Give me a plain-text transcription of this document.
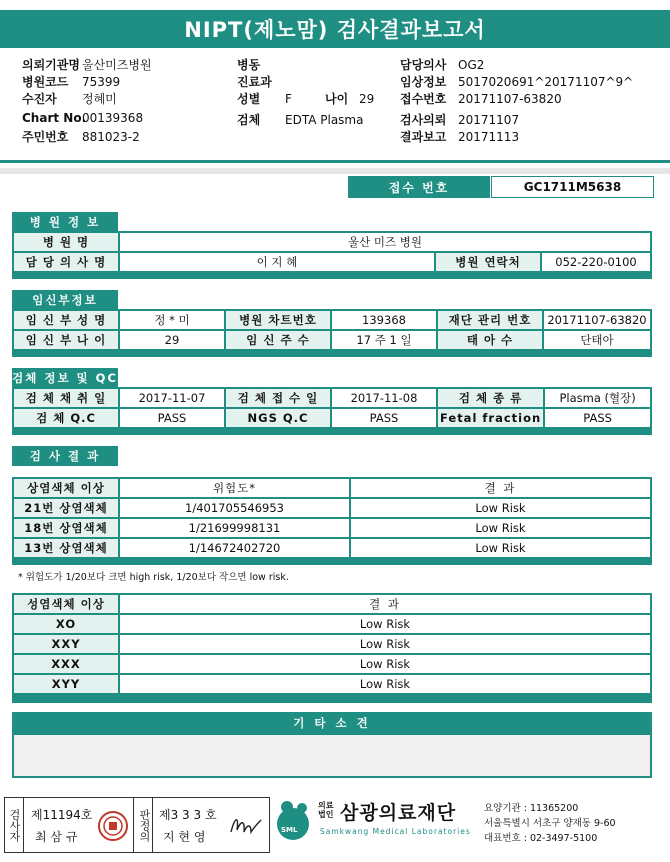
NIPT(제노맘) 검사결과보고서
의뢰기관명 울산미즈병원
병원코드 75399
수진자 정혜미
Chart No.00139368
주민번호 881023-2
병동
진료과
성별 F	나이 29
검체 EDTA Plasma
담당의사 OG2
임상정보 5017020691^20171107^9^
접수번호 20171107-63820
검사의뢰 20171107
결과보고 20171113
접수 번호	GC1711M5638
병 원 정 보
병 원 명	울산 미즈 병원		
담 당 의 사 명	이 지 혜	병원 연락처	052-220-0100
임신부정보
임 신 부 성 명	정 * 미	병원 차트번호	139368	재단 관리 번호	20171107-63820
임 신 부 나 이	29	임 신 주 수	17 주 1 일	태 아 수	단태아
검체 정보 및 QC
검 체 채 취 일	2017-11-07	검 체 접 수 일	2017-11-08	검 체 종 류	Plasma (혈장)
검 체 Q.C	PASS	NGS Q.C	PASS	Fetal fraction	PASS
검 사 결 과
상염색체 이상	위험도*	결 과
21번 상염색체	1/401705546953	Low Risk
18번 상염색체	1/21699998131	Low Risk
13번 상염색체	1/14672402720	Low Risk
* 위험도가 1/20보다 크면 high risk, 1/20보다 작으면 low risk.
성염색체 이상	결 과
XO	Low Risk
XXY	Low Risk
XXX	Low Risk
XYY	Low Risk
기 타 소 견
검사자 제11194호
최 삼 규	판정의 제3 3 3 호
지 현 영	SML
의료
법인 삼광의료재단
Samkwang Medical Laboratories
요양기관 : 11365200
서울특별시 서초구 양재동 9-60
대표번호 : 02-3497-5100
